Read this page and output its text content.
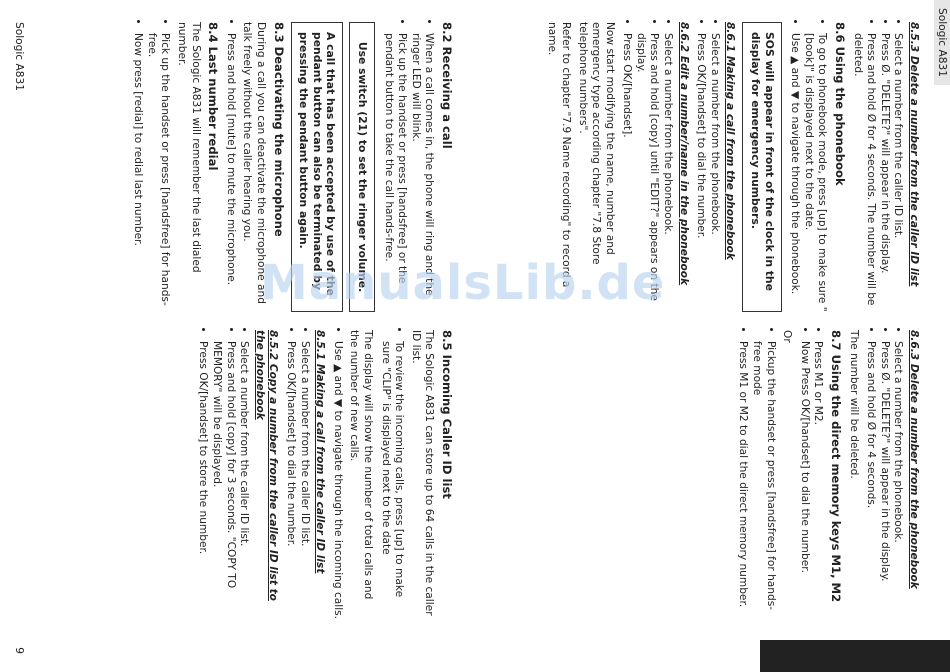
8.2 Receiving a call
• When a call comes in, the phone will ring and the ringer LED will blink.
• Pick up the handset or press [handsfree] or the pendant button to take the call hands-free.
Use switch (21) to set the ringer volume.
A call that has been accepted by use of the pendant button can also be terminated by pressing the pendant button again.
8.3 Deactivating the microphone

During a call you can deactivate the microphone and talk freely without the caller hearing you.

• Press and hold [mute] to mute the microphone.
8.4 Last number redial

The Sologic A831 will remember the last dialed number.

• Pick up the handset or press [handsfree] for hands-free.
• Now press [redial] to redial last number.
8.5 Incoming Caller ID list

The Sologic A831 can store up to 64 calls in the caller ID list.

• To review the incoming calls, press [up] to make sure "CLIP" is displayed next to the date

The display will show the number of total calls and the number of new calls.

• Use ▲ and ▼ to navigate through the incoming calls.
8.5.1 Making a call from the caller ID list
• Select a number from the caller ID list.
• Press OK/[handset] to dial the number.
8.5.2 Copy a number from the caller ID list to the phonebook
• Select a number from the caller ID list.
• Press and hold [copy] for 3 seconds. "COPY TO MEMORY" will be displayed.
• Press OK/[handset] to store the number.
Sologic A831
9
Sologic A831
8.5.3 Delete a number from the caller ID list
• Select a number from the caller ID list.
• Press Ø. "DELETE?" will appear in the display.
• Press and hold Ø for 4 seconds. The number will be deleted.
8.6 Using the phonebook
• To go to phonebook mode, press [up] to make sure "[book]" is displayed next to the date.
• Use ▲ and ▼ to navigate through the phonebook.
SOS will appear in front of the clock in the display for emergency numbers.
8.6.1 Making a call from the phonebook
• Select a number from the phonebook.
• Press OK/[handset] to dial the number.
8.6.2 Edit a number/name in the phonebook
• Select a number from the phonebook.
• Press and hold [copy] until "EDIT?" appears on the display.
• Press OK/[handset].

Now start modifying the name, number and emergency type according chapter "7.8 Store telephone numbers".

Refer to chapter "7.9 Name recording" to record a name.

8.6.3 Delete a number from the phonebook
• Select a number from the phonebook.
• Press Ø. "DELETE?" will appear in the display.
• Press and hold Ø for 4 seconds.

The number will be deleted.

8.7 Using the direct memory keys M1, M2
• Press M1 or M2.
• Now Press OK/[handset] to dial the number.

Or

• Pickup the handset or press [handsfree] for hands-free mode
• Press M1 or M2 to dial the direct memory number.
ManualsLib.de
